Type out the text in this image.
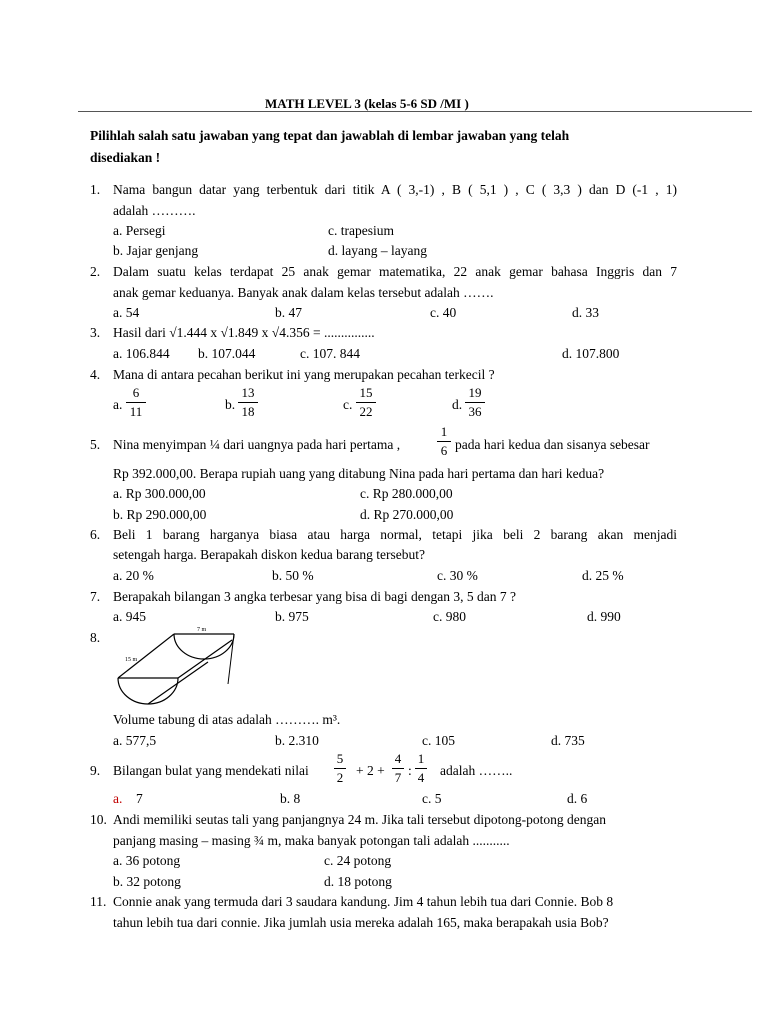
MATH LEVEL 3 (kelas 5-6 SD /MI )
Pilihlah salah satu jawaban yang tepat dan jawablah di lembar jawaban yang telah
disediakan !
1. Nama bangun datar yang terbentuk dari titik A ( 3,-1) , B ( 5,1 ) , C ( 3,3 ) dan D (-1 , 1)
adalah ……….
a. Persegi	c. trapesium
b. Jajar genjang	d. layang – layang
2. Dalam suatu kelas terdapat 25 anak gemar matematika, 22 anak gemar bahasa Inggris dan 7
anak gemar keduanya. Banyak anak dalam kelas tersebut adalah …….
a. 54	b. 47	c. 40	d. 33
3. Hasil dari √1.444 x √1.849 x √4.356 = ...............
a. 106.844 b. 107.044	c. 107. 844	d. 107.800
4. Mana di antara pecahan berikut ini yang merupakan pecahan terkecil ?
a.
6
11	b.
13
18	c.
15
22	d.
19
36
5. Nina menyimpan ¼ dari uangnya pada hari pertama ,
1
6 pada hari kedua dan sisanya sebesar
Rp 392.000,00. Berapa rupiah uang yang ditabung Nina pada hari pertama dan hari kedua?
a. Rp 300.000,00	c. Rp 280.000,00
b. Rp 290.000,00	d. Rp 270.000,00
6. Beli 1 barang harganya biasa atau harga normal, tetapi jika beli 2 barang akan menjadi
setengah harga. Berapakah diskon kedua barang tersebut?
a. 20 %	b. 50 %	c. 30 %	d. 25 %
7. Berapakah bilangan 3 angka terbesar yang bisa di bagi dengan 3, 5 dan 7 ?
a. 945	b. 975	c. 980	d. 990
8.	7 m
15 m
Volume tabung di atas adalah ………. m³.
a. 577,5	b. 2.310	c. 105	d. 735
9. Bilangan bulat yang mendekati nilai
5
2 + 2 +
4
7 :
1
4 adalah ……..
a. 7	b. 8	c. 5	d. 6
10. Andi memiliki seutas tali yang panjangnya 24 m. Jika tali tersebut dipotong-potong dengan
panjang masing – masing ¾ m, maka banyak potongan tali adalah ...........
a. 36 potong	c. 24 potong
b. 32 potong	d. 18 potong
11. Connie anak yang termuda dari 3 saudara kandung. Jim 4 tahun lebih tua dari Connie. Bob 8
tahun lebih tua dari connie. Jika jumlah usia mereka adalah 165, maka berapakah usia Bob?
